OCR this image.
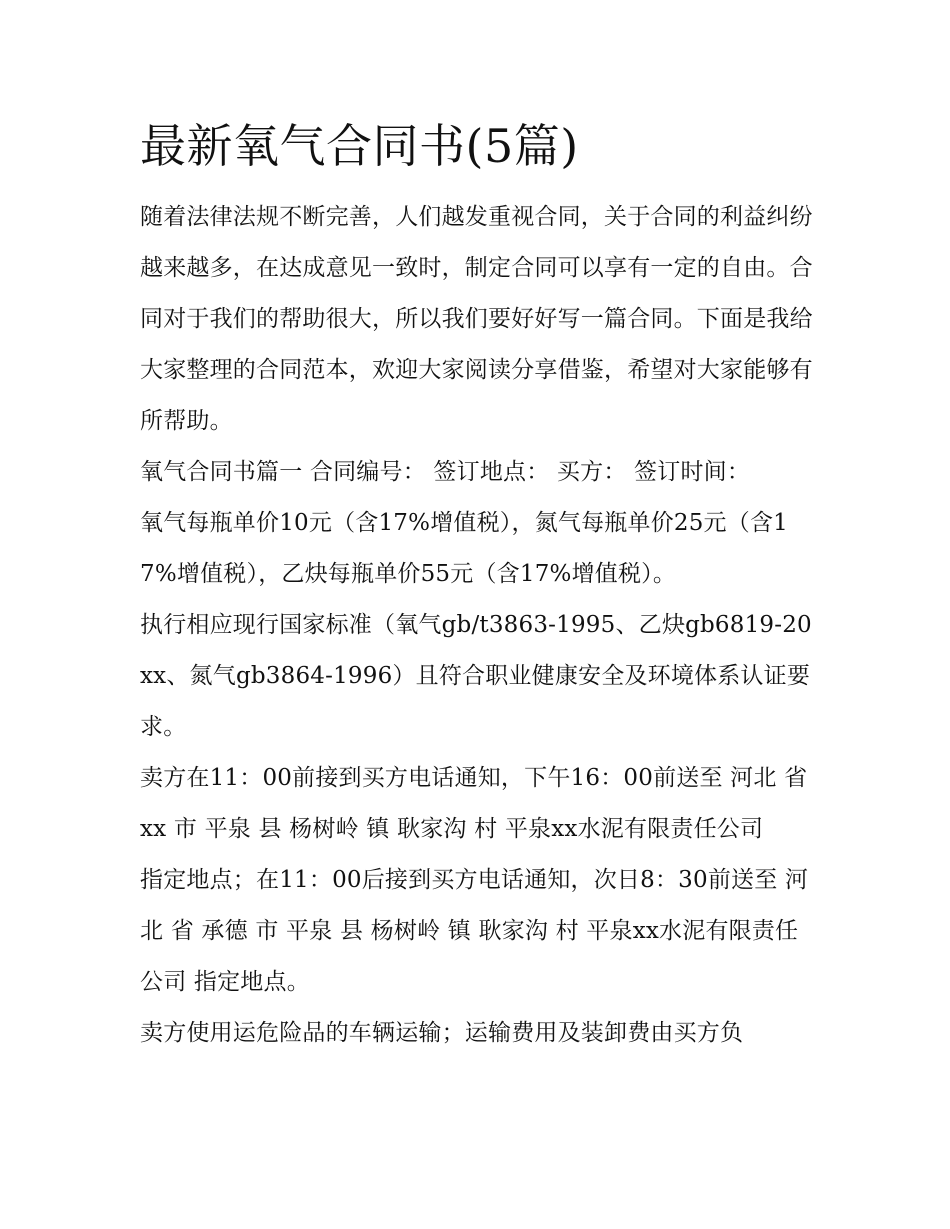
最新氧气合同书(5篇)

随着法律法规不断完善，人们越发重视合同，关于合同的利益纠纷越来越多，在达成意见一致时，制定合同可以享有一定的自由。合同对于我们的帮助很大，所以我们要好好写一篇合同。下面是我给大家整理的合同范本，欢迎大家阅读分享借鉴，希望对大家能够有所帮助。

氧气合同书篇一 合同编号： 签订地点： 买方： 签订时间：

氧气每瓶单价10元（含17%增值税），氮气每瓶单价25元（含17%增值税），乙炔每瓶单价55元（含17%增值税）。

执行相应现行国家标准（氧气gb/t3863-1995、乙炔gb6819-20xx、氮气gb3864-1996）且符合职业健康安全及环境体系认证要求。

卖方在11：00前接到买方电话通知，下午16：00前送至 河北 省 xx 市 平泉 县 杨树岭 镇 耿家沟 村 平泉xx水泥有限责任公司

指定地点；在11：00后接到买方电话通知，次日8：30前送至 河北 省 承德 市 平泉 县 杨树岭 镇 耿家沟 村 平泉xx水泥有限责任公司 指定地点。

卖方使用运危险品的车辆运输；运输费用及装卸费由买方负
